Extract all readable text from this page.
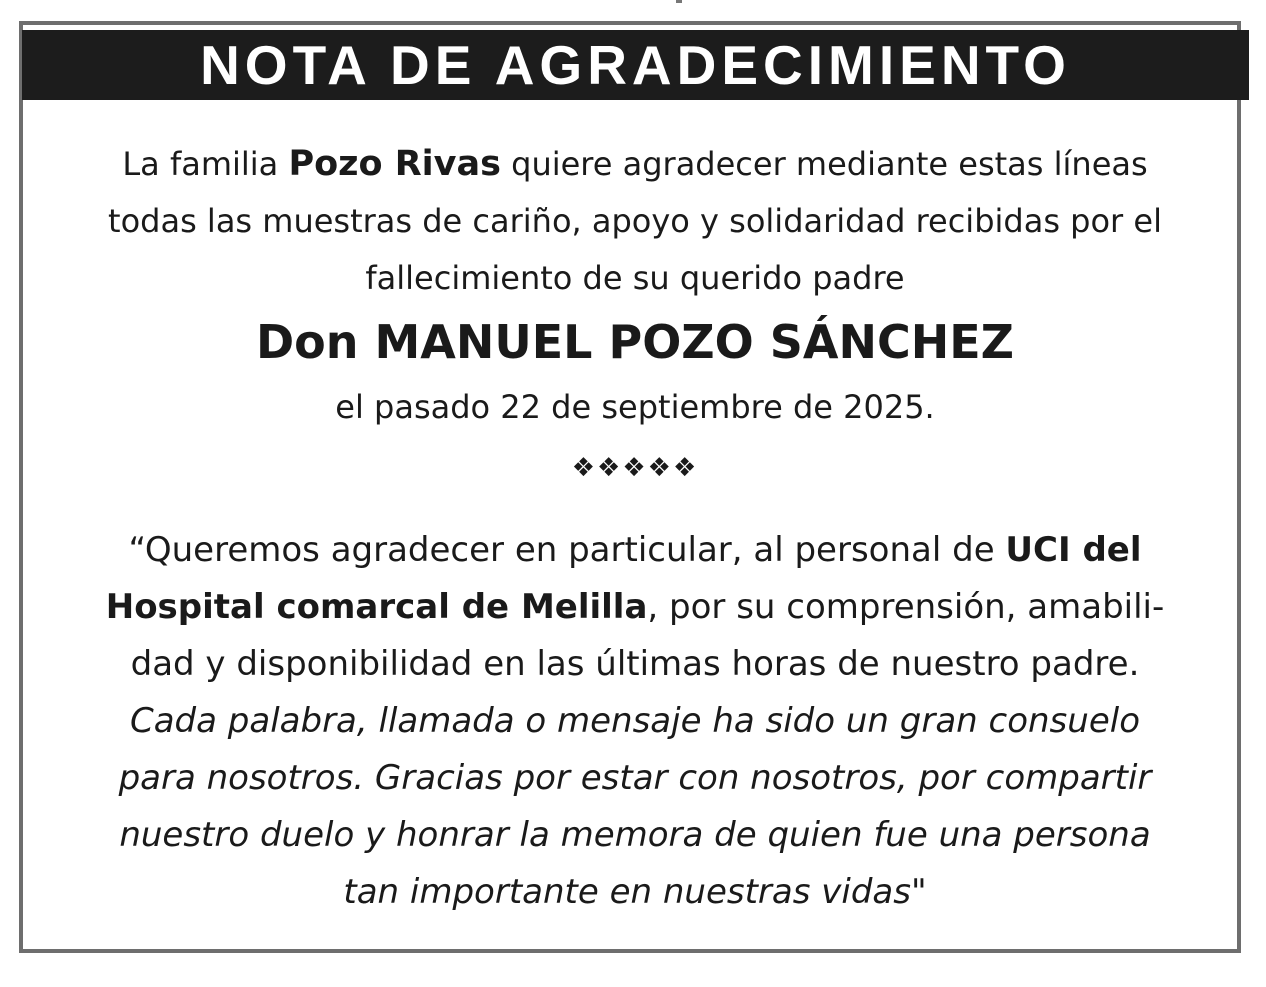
NOTA DE AGRADECIMIENTO
La familia Pozo Rivas quiere agradecer mediante estas líneas
todas las muestras de cariño, apoyo y solidaridad recibidas por el
fallecimiento de su querido padre
Don MANUEL POZO SÁNCHEZ
el pasado 22 de septiembre de 2025.
❖❖❖❖❖
“Queremos agradecer en particular, al personal de UCI del
Hospital comarcal de Melilla, por su comprensión, amabili-
dad y disponibilidad en las últimas horas de nuestro padre.
Cada palabra, llamada o mensaje ha sido un gran consuelo
para nosotros. Gracias por estar con nosotros, por compartir
nuestro duelo y honrar la memora de quien fue una persona
tan importante en nuestras vidas"
